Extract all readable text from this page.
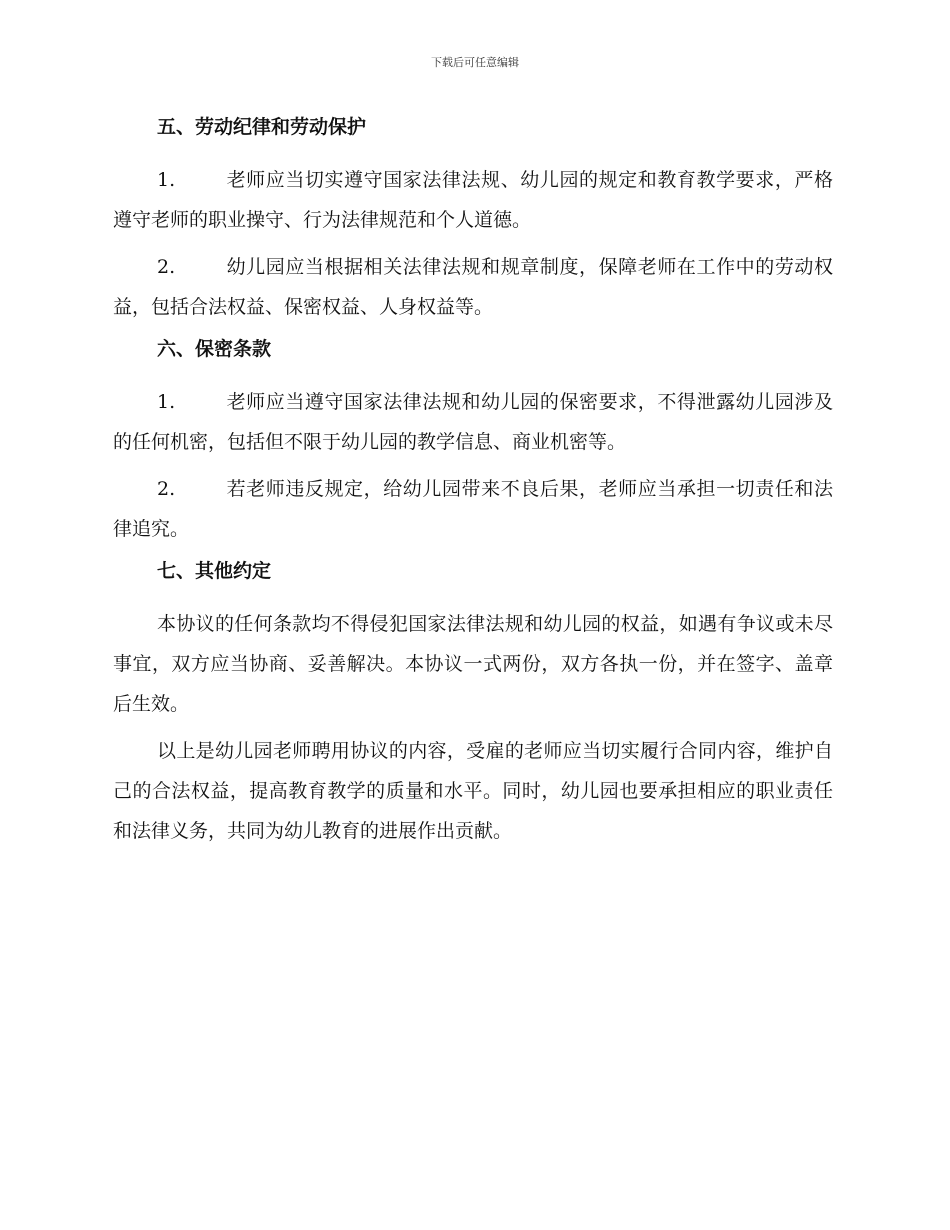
下载后可任意编辑
五、劳动纪律和劳动保护

1.	老师应当切实遵守国家法律法规、幼儿园的规定和教育教学要求，严格遵守老师的职业操守、行为法律规范和个人道德。

2.	幼儿园应当根据相关法律法规和规章制度，保障老师在工作中的劳动权益，包括合法权益、保密权益、人身权益等。

六、保密条款

1.	老师应当遵守国家法律法规和幼儿园的保密要求，不得泄露幼儿园涉及的任何机密，包括但不限于幼儿园的教学信息、商业机密等。

2.	若老师违反规定，给幼儿园带来不良后果，老师应当承担一切责任和法律追究。

七、其他约定

本协议的任何条款均不得侵犯国家法律法规和幼儿园的权益，如遇有争议或未尽事宜，双方应当协商、妥善解决。本协议一式两份，双方各执一份，并在签字、盖章后生效。

以上是幼儿园老师聘用协议的内容，受雇的老师应当切实履行合同内容，维护自己的合法权益，提高教育教学的质量和水平。同时，幼儿园也要承担相应的职业责任和法律义务，共同为幼儿教育的进展作出贡献。
